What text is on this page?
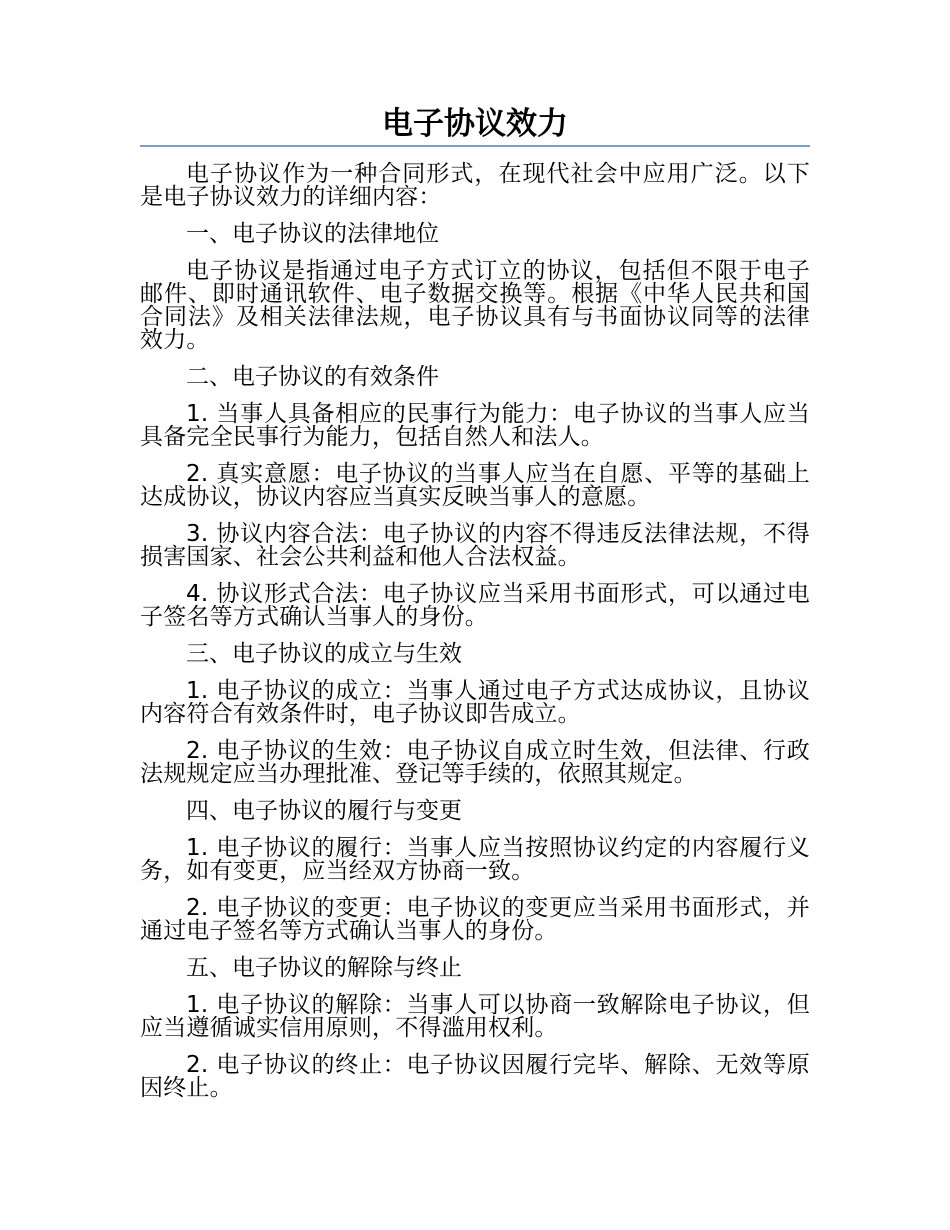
电子协议效力

电子协议作为一种合同形式，在现代社会中应用广泛。以下是电子协议效力的详细内容：

一、电子协议的法律地位

电子协议是指通过电子方式订立的协议，包括但不限于电子邮件、即时通讯软件、电子数据交换等。根据《中华人民共和国合同法》及相关法律法规，电子协议具有与书面协议同等的法律效力。

二、电子协议的有效条件

1. 当事人具备相应的民事行为能力：电子协议的当事人应当具备完全民事行为能力，包括自然人和法人。

2. 真实意愿：电子协议的当事人应当在自愿、平等的基础上达成协议，协议内容应当真实反映当事人的意愿。

3. 协议内容合法：电子协议的内容不得违反法律法规，不得损害国家、社会公共利益和他人合法权益。

4. 协议形式合法：电子协议应当采用书面形式，可以通过电子签名等方式确认当事人的身份。

三、电子协议的成立与生效

1. 电子协议的成立：当事人通过电子方式达成协议，且协议内容符合有效条件时，电子协议即告成立。

2. 电子协议的生效：电子协议自成立时生效，但法律、行政法规规定应当办理批准、登记等手续的，依照其规定。

四、电子协议的履行与变更

1. 电子协议的履行：当事人应当按照协议约定的内容履行义务，如有变更，应当经双方协商一致。

2. 电子协议的变更：电子协议的变更应当采用书面形式，并通过电子签名等方式确认当事人的身份。

五、电子协议的解除与终止

1. 电子协议的解除：当事人可以协商一致解除电子协议，但应当遵循诚实信用原则，不得滥用权利。

2. 电子协议的终止：电子协议因履行完毕、解除、无效等原因终止。
